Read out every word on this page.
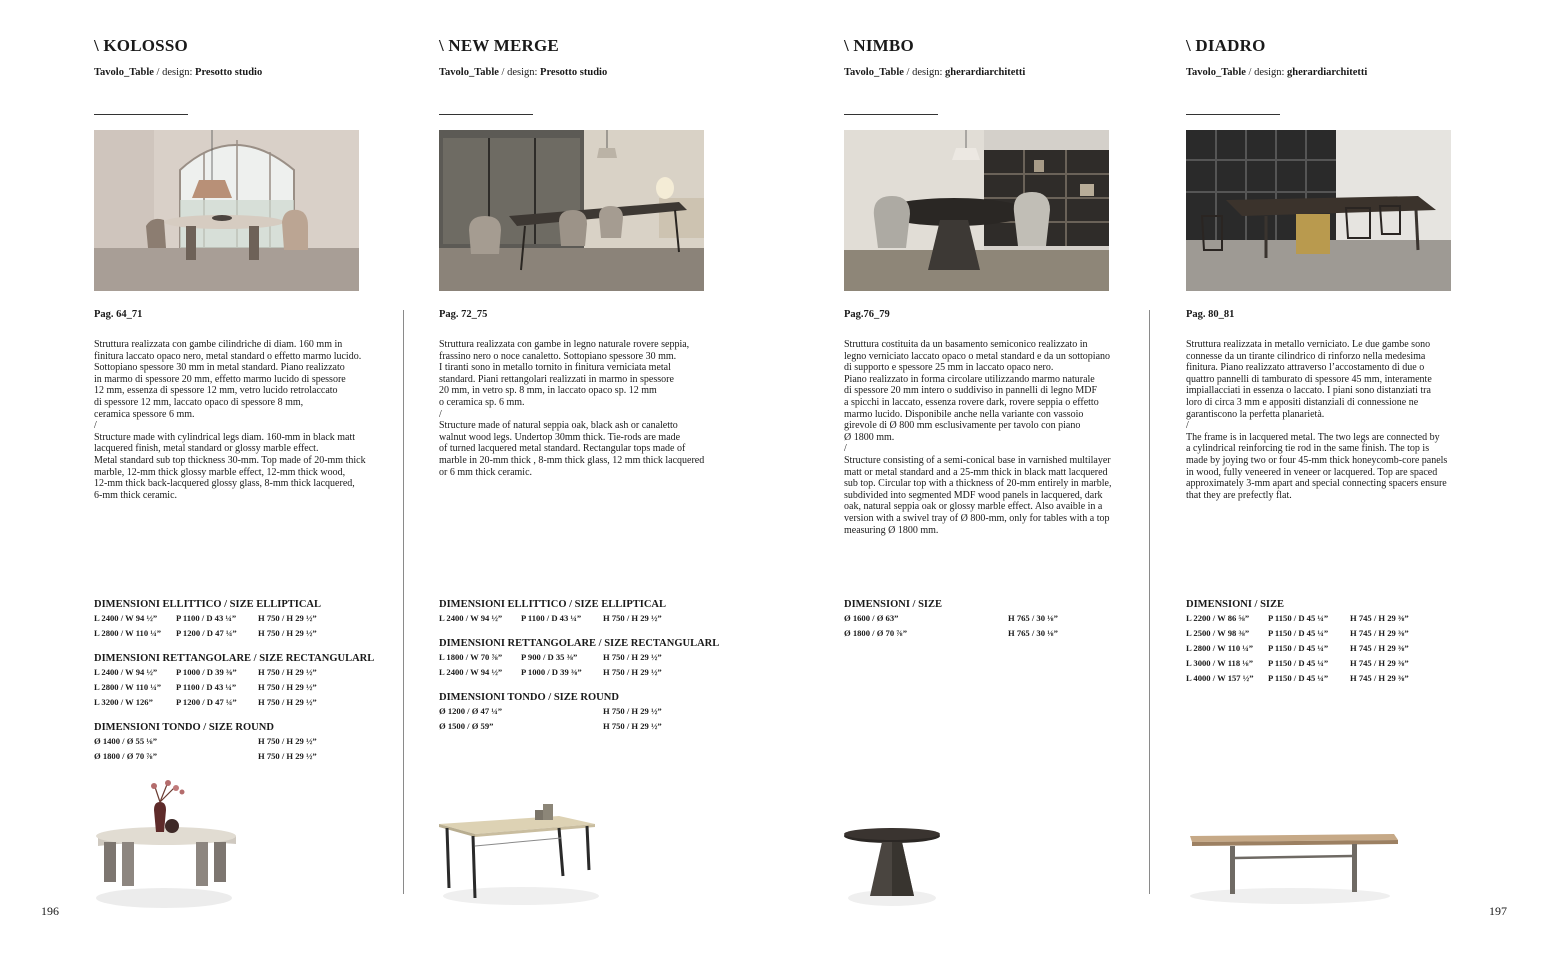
\ KOLOSSO
Tavolo_Table / design: Presotto studio
Pag. 64_71
Struttura realizzata con gambe cilindriche di diam. 160 mm in
finitura laccato opaco nero, metal standard o effetto marmo lucido.
Sottopiano spessore 30 mm in metal standard. Piano realizzato
in marmo di spessore 20 mm, effetto marmo lucido di spessore
12 mm, essenza di spessore 12 mm, vetro lucido retrolaccato
di spessore 12 mm, laccato opaco di spessore 8 mm,
ceramica spessore 6 mm.
/
Structure made with cylindrical legs diam. 160-mm in black matt
lacquered finish, metal standard or glossy marble effect.
Metal standard sub top thickness 30-mm. Top made of 20-mm thick
marble, 12-mm thick glossy marble effect, 12-mm thick wood,
12-mm thick back-lacquered glossy glass, 8-mm thick lacquered,
6-mm thick ceramic.
DIMENSIONI ELLITTICO / SIZE ELLIPTICAL
L 2400 / W 94 ½” P 1100 / D 43 ¼”	H 750 / H 29 ½”
L 2800 / W 110 ¼” P 1200 / D 47 ¼” H 750 / H 29 ½”
DIMENSIONI RETTANGOLARE / SIZE RECTANGULARL
L 2400 / W 94 ½” P 1000 / D 39 ⅜” H 750 / H 29 ½”
L 2800 / W 110 ¼” P 1100 / D 43 ¼”	H 750 / H 29 ½”
L 3200 / W 126”	P 1200 / D 47 ¼” H 750 / H 29 ½”
DIMENSIONI TONDO / SIZE ROUND
Ø 1400 / Ø 55 ⅛”	H 750 / H 29 ½”
Ø 1800 / Ø 70 ⅞”	H 750 / H 29 ½”
\ NEW MERGE
Tavolo_Table / design: Presotto studio
Pag. 72_75
Struttura realizzata con gambe in legno naturale rovere seppia,
frassino nero o noce canaletto. Sottopiano spessore 30 mm.
I tiranti sono in metallo tornito in finitura verniciata metal
standard. Piani rettangolari realizzati in marmo in spessore
20 mm, in vetro sp. 8 mm, in laccato opaco sp. 12 mm
o ceramica sp. 6 mm.
/
Structure made of natural seppia oak, black ash or canaletto
walnut wood legs. Undertop 30mm thick. Tie-rods are made
of turned lacquered metal standard. Rectangular tops made of
marble in 20-mm thick , 8-mm thick glass, 12 mm thick lacquered
or 6 mm thick ceramic.
DIMENSIONI ELLITTICO / SIZE ELLIPTICAL
L 2400 / W 94 ½” P 1100 / D 43 ¼”	H 750 / H 29 ½”
DIMENSIONI RETTANGOLARE / SIZE RECTANGULARL
L 1800 / W 70 ⅞” P 900 / D 35 ⅜”	H 750 / H 29 ½”
L 2400 / W 94 ½” P 1000 / D 39 ⅜” H 750 / H 29 ½”
DIMENSIONI TONDO / SIZE ROUND
Ø 1200 / Ø 47 ¼”	H 750 / H 29 ½”
Ø 1500 / Ø 59”	H 750 / H 29 ½”
\ NIMBO
Tavolo_Table / design: gherardiarchitetti
Pag.76_79
Struttura costituita da un basamento semiconico realizzato in
legno verniciato laccato opaco o metal standard e da un sottopiano
di supporto e spessore 25 mm in laccato opaco nero.
Piano realizzato in forma circolare utilizzando marmo naturale
di spessore 20 mm intero o suddiviso in pannelli di legno MDF
a spicchi in laccato, essenza rovere dark, rovere seppia o effetto
marmo lucido. Disponibile anche nella variante con vassoio
girevole di Ø 800 mm esclusivamente per tavolo con piano
Ø 1800 mm.
/
Structure consisting of a semi-conical base in varnished multilayer
matt or metal standard and a 25-mm thick in black matt lacquered
sub top. Circular top with a thickness of 20-mm entirely in marble,
subdivided into segmented MDF wood panels in lacquered, dark
oak, natural seppia oak or glossy marble effect. Also avaible in a
version with a swivel tray of Ø 800-mm, only for tables with a top
measuring Ø 1800 mm.
DIMENSIONI / SIZE
Ø 1600 / Ø 63”	H 765 / 30 ⅛”
Ø 1800 / Ø 70 ⅞”	H 765 / 30 ⅛”
\ DIADRO
Tavolo_Table / design: gherardiarchitetti
Pag. 80_81
Struttura realizzata in metallo verniciato. Le due gambe sono
connesse da un tirante cilindrico di rinforzo nella medesima
finitura. Piano realizzato attraverso l’accostamento di due o
quattro pannelli di tamburato di spessore 45 mm, interamente
impiallacciati in essenza o laccato. I piani sono distanziati tra
loro di circa 3 mm e appositi distanziali di connessione ne
garantiscono la perfetta planarietà.
/
The frame is in lacquered metal. The two legs are connected by
a cylindrical reinforcing tie rod in the same finish. The top is
made by joying two or four 45-mm thick honeycomb-core panels
in wood, fully veneered in veneer or lacquered. Top are spaced
approximately 3-mm apart and special connecting spacers ensure
that they are prefectly flat.
DIMENSIONI / SIZE
L 2200 / W 86 ⅝” P 1150 / D 45 ¼”	H 745 / H 29 ⅜”
L 2500 / W 98 ⅜” P 1150 / D 45 ¼”	H 745 / H 29 ⅜”
L 2800 / W 110 ¼” P 1150 / D 45 ¼”	H 745 / H 29 ⅜”
L 3000 / W 118 ⅛” P 1150 / D 45 ¼”	H 745 / H 29 ⅜”
L 4000 / W 157 ½” P 1150 / D 45 ¼”	H 745 / H 29 ⅜”
196	197
